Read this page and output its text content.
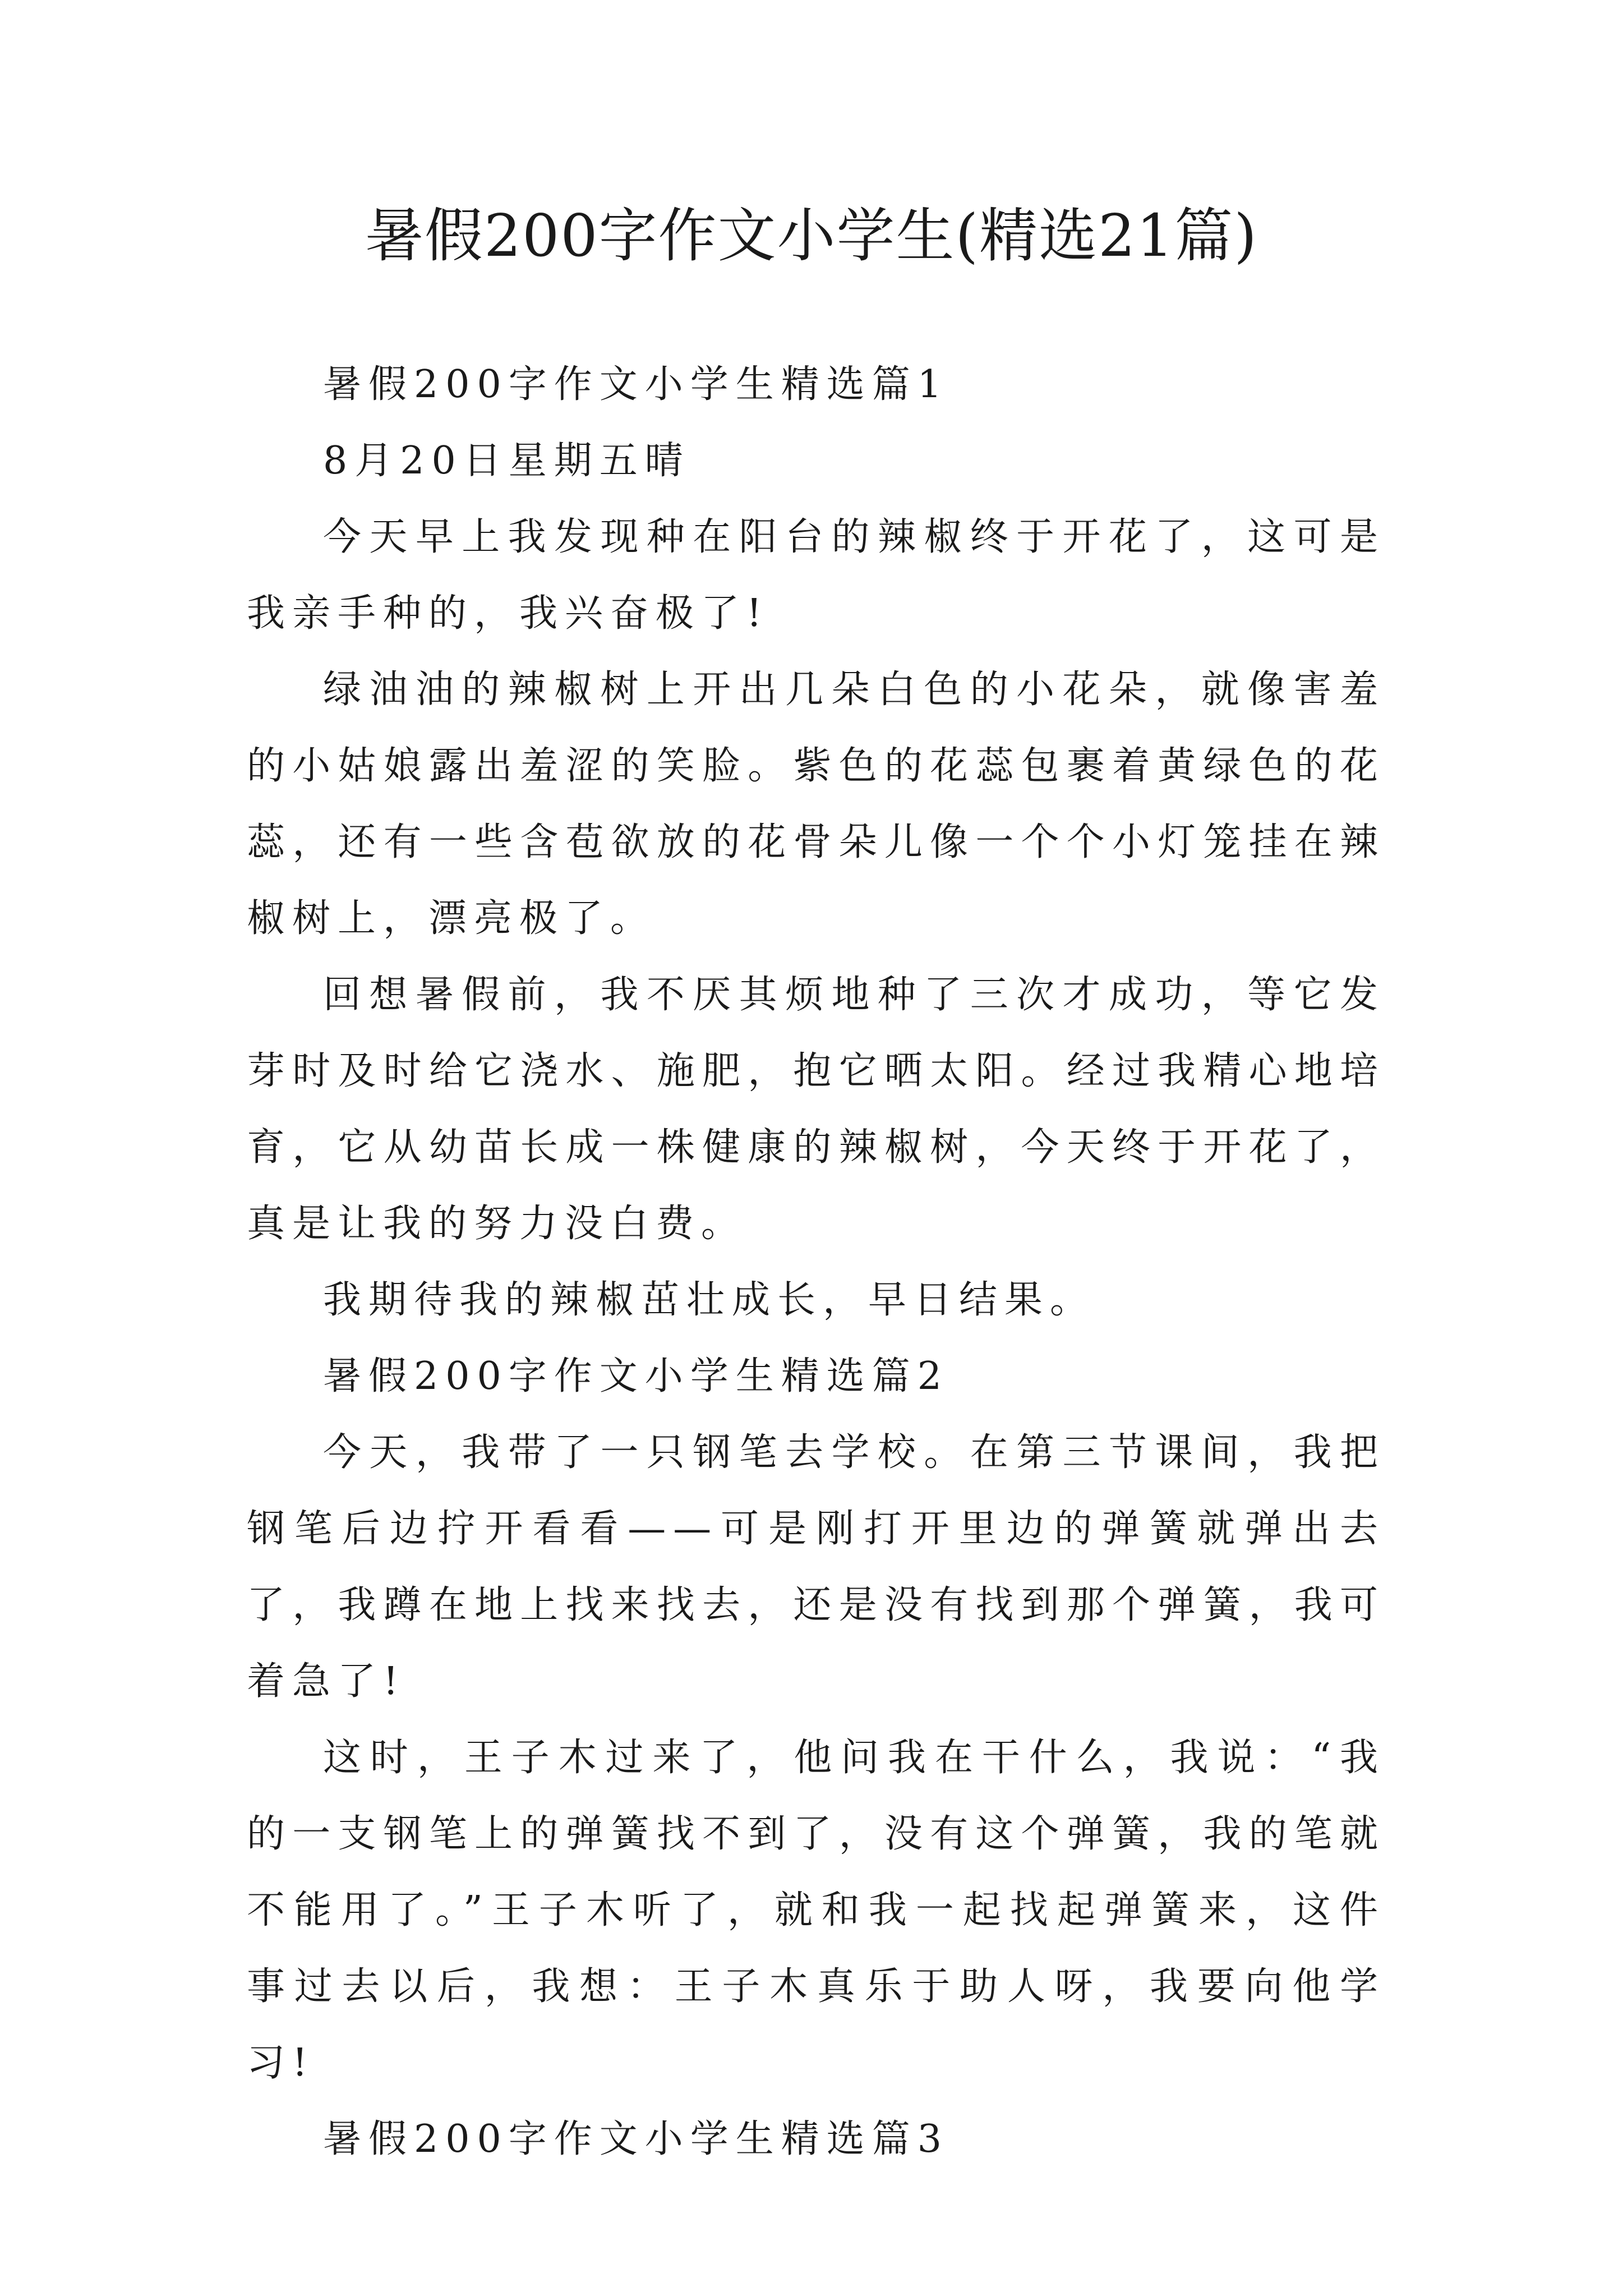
暑假200字作文小学生(精选21篇)

暑假200字作文小学生精选篇1

8月20日星期五晴

今天早上我发现种在阳台的辣椒终于开花了，这可是我亲手种的，我兴奋极了!

绿油油的辣椒树上开出几朵白色的小花朵，就像害羞的小姑娘露出羞涩的笑脸。紫色的花蕊包裹着黄绿色的花蕊，还有一些含苞欲放的花骨朵儿像一个个小灯笼挂在辣椒树上，漂亮极了。

回想暑假前，我不厌其烦地种了三次才成功，等它发芽时及时给它浇水、施肥，抱它晒太阳。经过我精心地培育，它从幼苗长成一株健康的辣椒树，今天终于开花了，真是让我的努力没白费。

我期待我的辣椒茁壮成长，早日结果。

暑假200字作文小学生精选篇2

今天，我带了一只钢笔去学校。在第三节课间，我把钢笔后边拧开看看——可是刚打开里边的弹簧就弹出去了，我蹲在地上找来找去，还是没有找到那个弹簧，我可着急了!

这时，王子木过来了，他问我在干什么，我说：“我的一支钢笔上的弹簧找不到了，没有这个弹簧，我的笔就不能用了。”王子木听了，就和我一起找起弹簧来，这件事过去以后，我想：王子木真乐于助人呀，我要向他学习!

暑假200字作文小学生精选篇3
